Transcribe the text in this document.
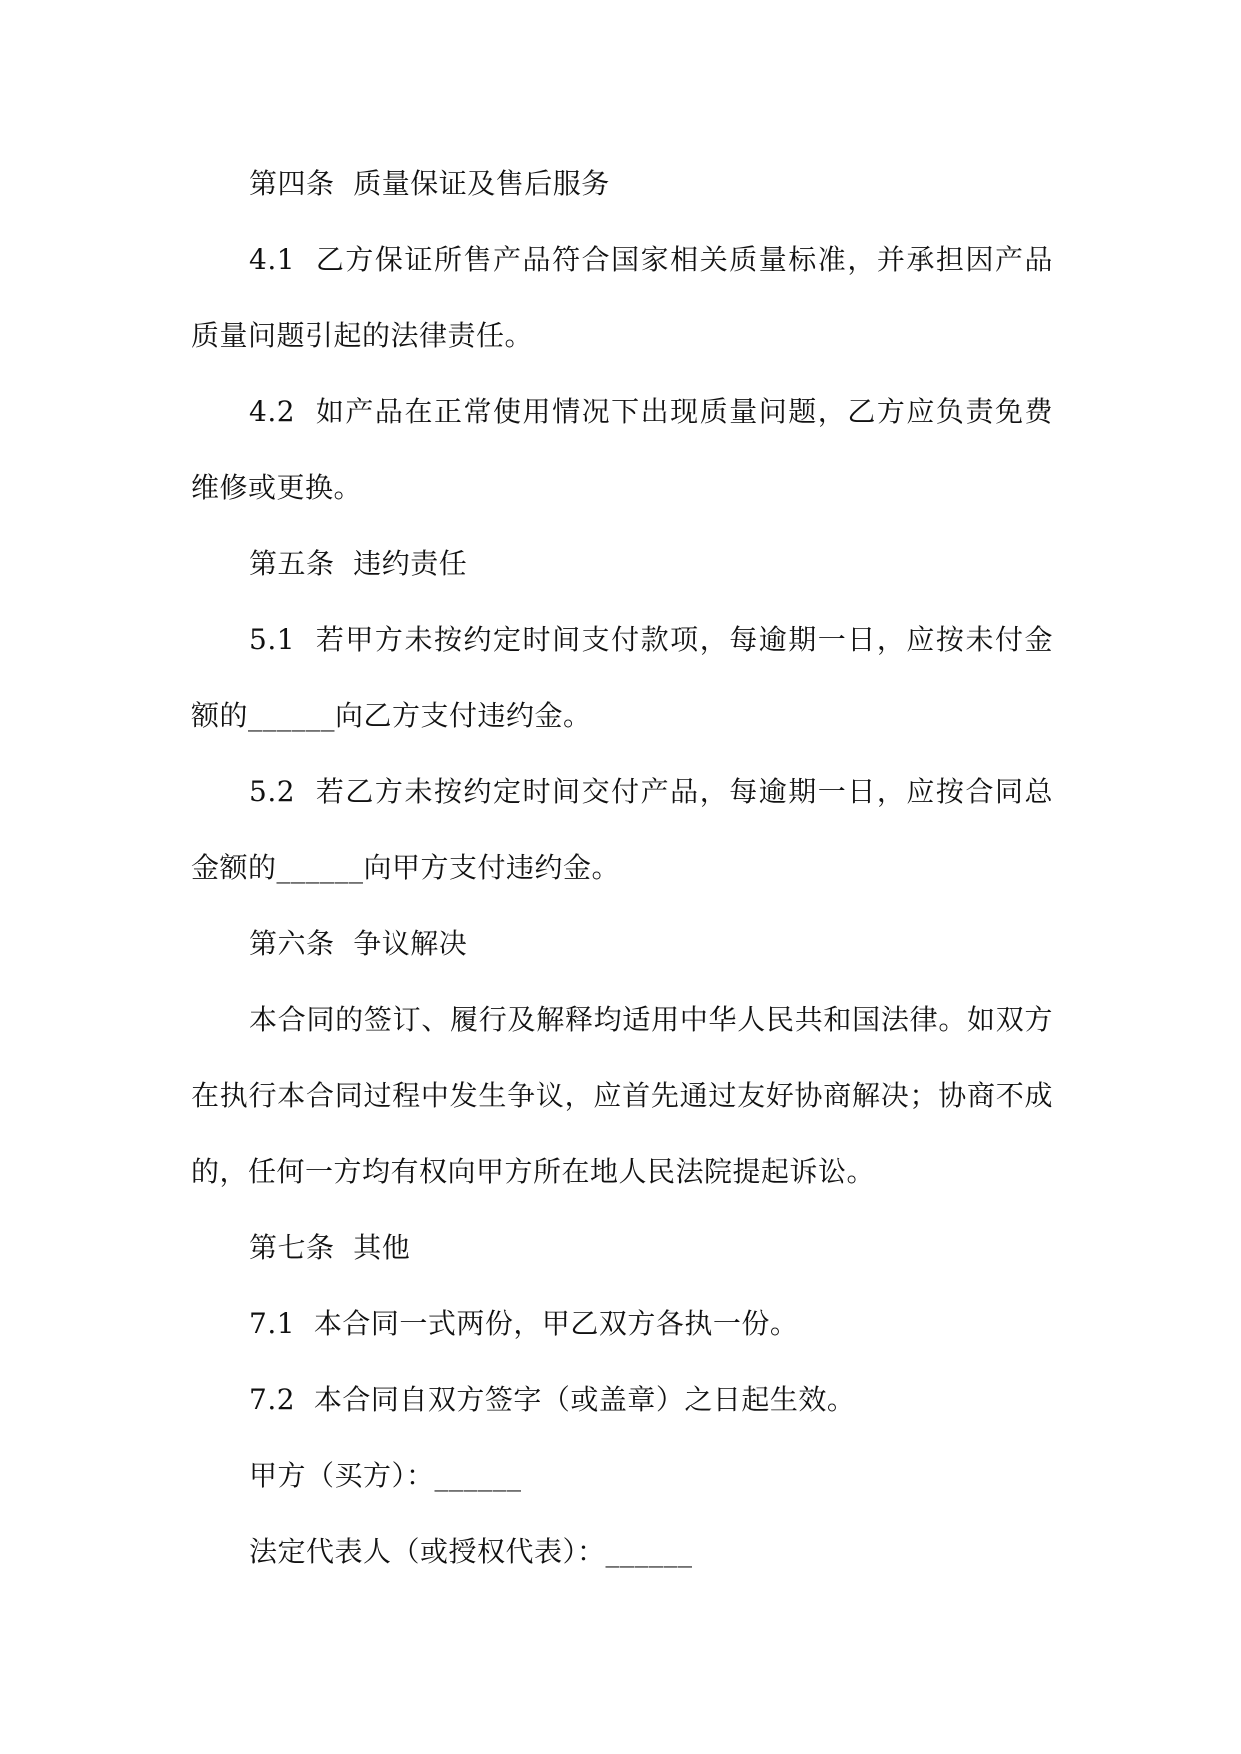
第四条  质量保证及售后服务

4.1  乙方保证所售产品符合国家相关质量标准，并承担因产品质量问题引起的法律责任。

4.2  如产品在正常使用情况下出现质量问题，乙方应负责免费维修或更换。

第五条  违约责任

5.1  若甲方未按约定时间支付款项，每逾期一日，应按未付金额的______向乙方支付违约金。

5.2  若乙方未按约定时间交付产品，每逾期一日，应按合同总金额的______向甲方支付违约金。

第六条  争议解决

本合同的签订、履行及解释均适用中华人民共和国法律。如双方在执行本合同过程中发生争议，应首先通过友好协商解决；协商不成的，任何一方均有权向甲方所在地人民法院提起诉讼。

第七条  其他

7.1  本合同一式两份，甲乙双方各执一份。

7.2  本合同自双方签字（或盖章）之日起生效。

甲方（买方）：______

法定代表人（或授权代表）：______
